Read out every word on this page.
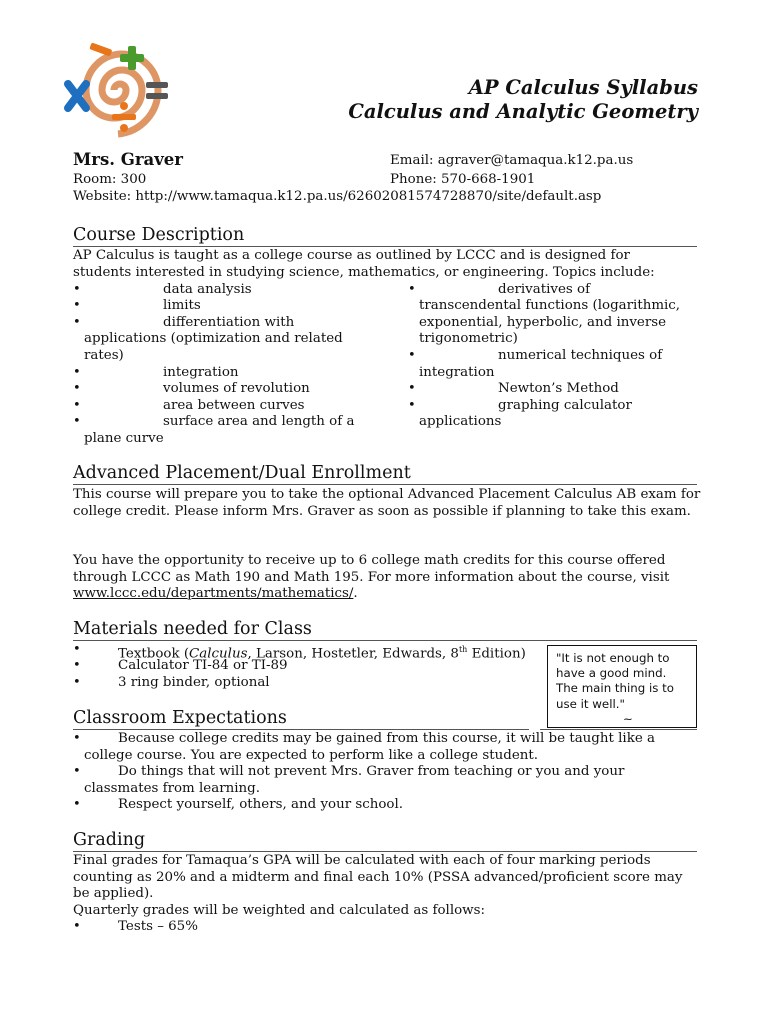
AP Calculus Syllabus
Calculus and Analytic Geometry
Mrs. Graver
Room: 300
Website: http://www.tamaqua.k12.pa.us/62602081574728870/site/default.asp
Email: agraver@tamaqua.k12.pa.us
Phone: 570-668-1901
Course Description
AP Calculus is taught as a college course as outlined by LCCC and is designed for
students interested in studying science, mathematics, or engineering. Topics include:
•	data analysis
•	limits
•	differentiation with
applications (optimization and related
rates)
•	integration
•	volumes of revolution
•	area between curves
•	surface area and length of a
plane curve
•	derivatives of
transcendental functions (logarithmic,
exponential, hyperbolic, and inverse
trigonometric)
•	numerical techniques of
integration
•	Newton’s Method
•	graphing calculator
applications
Advanced Placement/Dual Enrollment
This course will prepare you to take the optional Advanced Placement Calculus AB exam for college credit. Please inform Mrs. Graver as soon as possible if planning to take this exam.
You have the opportunity to receive up to 6 college math credits for this course offered through LCCC as Math 190 and Math 195. For more information about the course, visit www.lccc.edu/departments/mathematics/.
Materials needed for Class
•	Textbook (Calculus, Larson, Hostetler, Edwards, 8th Edition)
•	Calculator TI-84 or TI-89
•	3 ring binder, optional
"It is not enough to
have a good mind.
The main thing is to
use it well."
~
Classroom Expectations
•	Because college credits may be gained from this course, it will be taught like a
college course. You are expected to perform like a college student.
•	Do things that will not prevent Mrs. Graver from teaching or you and your
classmates from learning.
•	Respect yourself, others, and your school.
Grading
Final grades for Tamaqua’s GPA will be calculated with each of four marking periods counting as 20% and a midterm and final each 10% (PSSA advanced/proficient score may be applied).
Quarterly grades will be weighted and calculated as follows:
•	Tests – 65%
